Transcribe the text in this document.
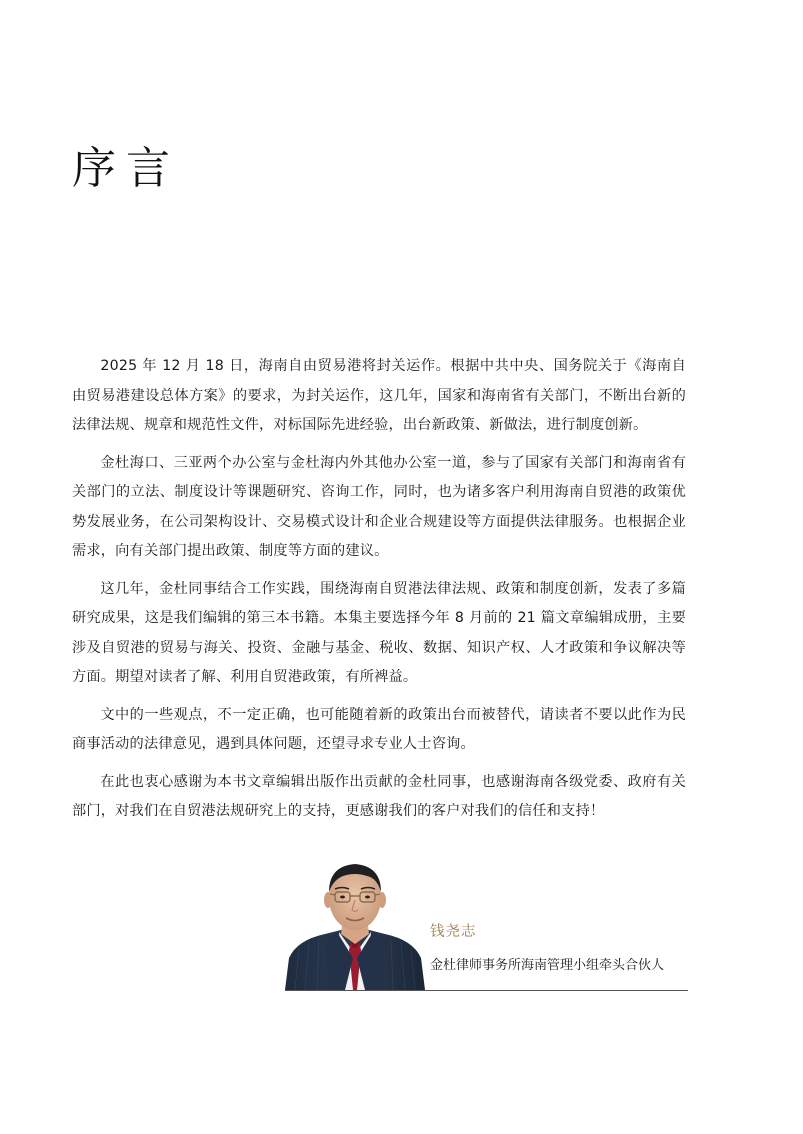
序言

2025 年 12 月 18 日，海南自由贸易港将封关运作。根据中共中央、国务院关于《海南自由贸易港建设总体方案》的要求，为封关运作，这几年，国家和海南省有关部门，不断出台新的法律法规、规章和规范性文件，对标国际先进经验，出台新政策、新做法，进行制度创新。

金杜海口、三亚两个办公室与金杜海内外其他办公室一道，参与了国家有关部门和海南省有关部门的立法、制度设计等课题研究、咨询工作，同时，也为诸多客户利用海南自贸港的政策优势发展业务，在公司架构设计、交易模式设计和企业合规建设等方面提供法律服务。也根据企业需求，向有关部门提出政策、制度等方面的建议。

这几年，金杜同事结合工作实践，围绕海南自贸港法律法规、政策和制度创新，发表了多篇研究成果，这是我们编辑的第三本书籍。本集主要选择今年 8 月前的 21 篇文章编辑成册，主要涉及自贸港的贸易与海关、投资、金融与基金、税收、数据、知识产权、人才政策和争议解决等方面。期望对读者了解、利用自贸港政策，有所裨益。

文中的一些观点，不一定正确，也可能随着新的政策出台而被替代，请读者不要以此作为民商事活动的法律意见，遇到具体问题，还望寻求专业人士咨询。

在此也衷心感谢为本书文章编辑出版作出贡献的金杜同事，也感谢海南各级党委、政府有关部门，对我们在自贸港法规研究上的支持，更感谢我们的客户对我们的信任和支持！

钱尧志
金杜律师事务所海南管理小组牵头合伙人
